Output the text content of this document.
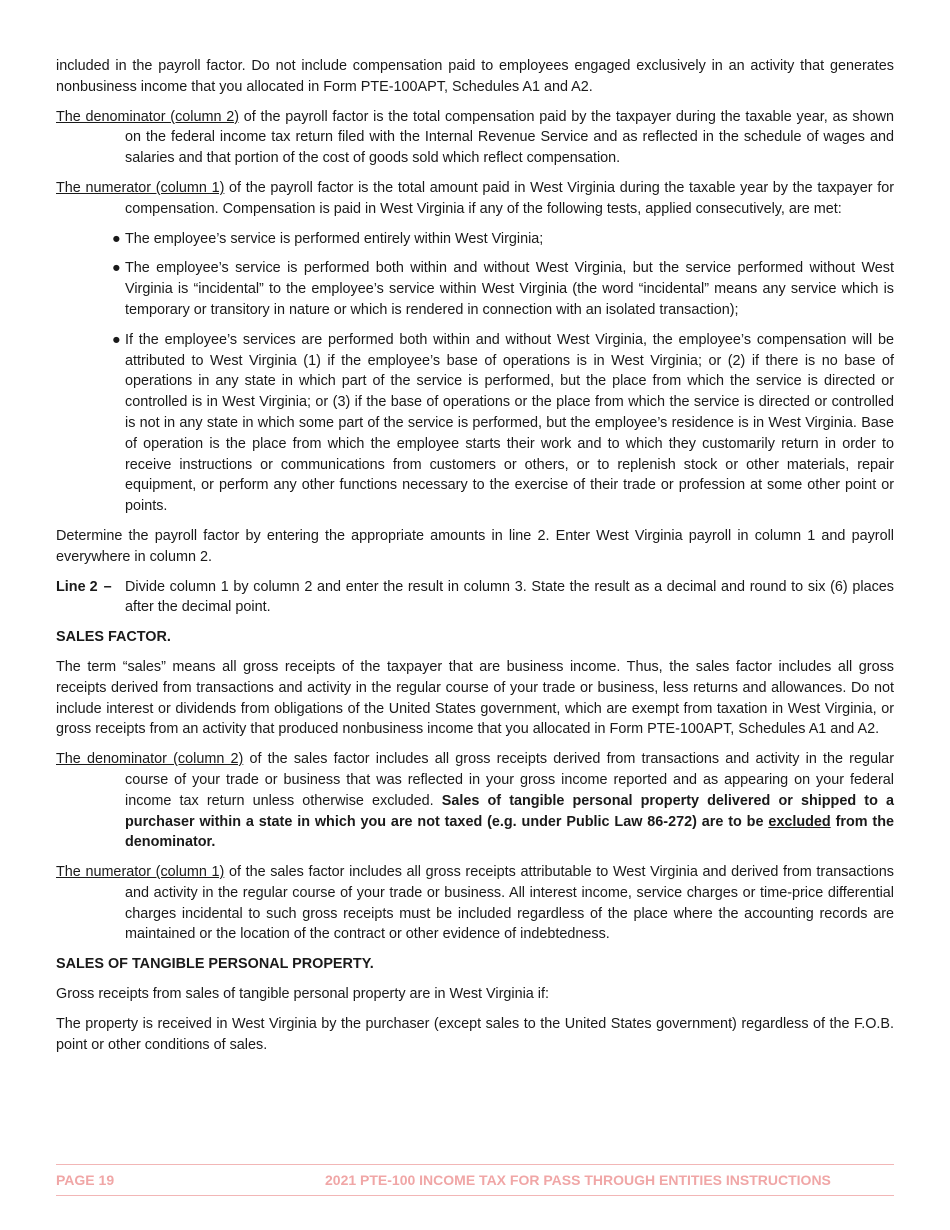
included in the payroll factor. Do not include compensation paid to employees engaged exclusively in an activity that generates nonbusiness income that you allocated in Form PTE-100APT, Schedules A1 and A2.

The denominator (column 2) of the payroll factor is the total compensation paid by the taxpayer during the taxable year, as shown on the federal income tax return filed with the Internal Revenue Service and as reflected in the schedule of wages and salaries and that portion of the cost of goods sold which reflect compensation.

The numerator (column 1) of the payroll factor is the total amount paid in West Virginia during the taxable year by the taxpayer for compensation. Compensation is paid in West Virginia if any of the following tests, applied consecutively, are met:

● The employee’s service is performed entirely within West Virginia;
● The employee’s service is performed both within and without West Virginia, but the service performed without West Virginia is “incidental” to the employee’s service within West Virginia (the word “incidental” means any service which is temporary or transitory in nature or which is rendered in connection with an isolated transaction);
● If the employee’s services are performed both within and without West Virginia, the employee’s compensation will be attributed to West Virginia (1) if the employee’s base of operations is in West Virginia; or (2) if there is no base of operations in any state in which part of the service is performed, but the place from which the service is directed or controlled is in West Virginia; or (3) if the base of operations or the place from which the service is directed or controlled is not in any state in which some part of the service is performed, but the employee’s residence is in West Virginia. Base of operation is the place from which the employee starts their work and to which they customarily return in order to receive instructions or communications from customers or others, or to replenish stock or other materials, repair equipment, or perform any other functions necessary to the exercise of their trade or profession at some other point or points.

Determine the payroll factor by entering the appropriate amounts in line 2. Enter West Virginia payroll in column 1 and payroll everywhere in column 2.

Line 2 – Divide column 1 by column 2 and enter the result in column 3. State the result as a decimal and round to six (6) places after the decimal point.

SALES FACTOR.

The term “sales” means all gross receipts of the taxpayer that are business income. Thus, the sales factor includes all gross receipts derived from transactions and activity in the regular course of your trade or business, less returns and allowances. Do not include interest or dividends from obligations of the United States government, which are exempt from taxation in West Virginia, or gross receipts from an activity that produced nonbusiness income that you allocated in Form PTE-100APT, Schedules A1 and A2.

The denominator (column 2) of the sales factor includes all gross receipts derived from transactions and activity in the regular course of your trade or business that was reflected in your gross income reported and as appearing on your federal income tax return unless otherwise excluded. Sales of tangible personal property delivered or shipped to a purchaser within a state in which you are not taxed (e.g. under Public Law 86-272) are to be excluded from the denominator.

The numerator (column 1) of the sales factor includes all gross receipts attributable to West Virginia and derived from transactions and activity in the regular course of your trade or business. All interest income, service charges or time-price differential charges incidental to such gross receipts must be included regardless of the place where the accounting records are maintained or the location of the contract or other evidence of indebtedness.

SALES OF TANGIBLE PERSONAL PROPERTY.

Gross receipts from sales of tangible personal property are in West Virginia if:

The property is received in West Virginia by the purchaser (except sales to the United States government) regardless of the F.O.B. point or other conditions of sales.

PAGE 19	2021 PTE-100 INCOME TAX FOR PASS THROUGH ENTITIES INSTRUCTIONS
